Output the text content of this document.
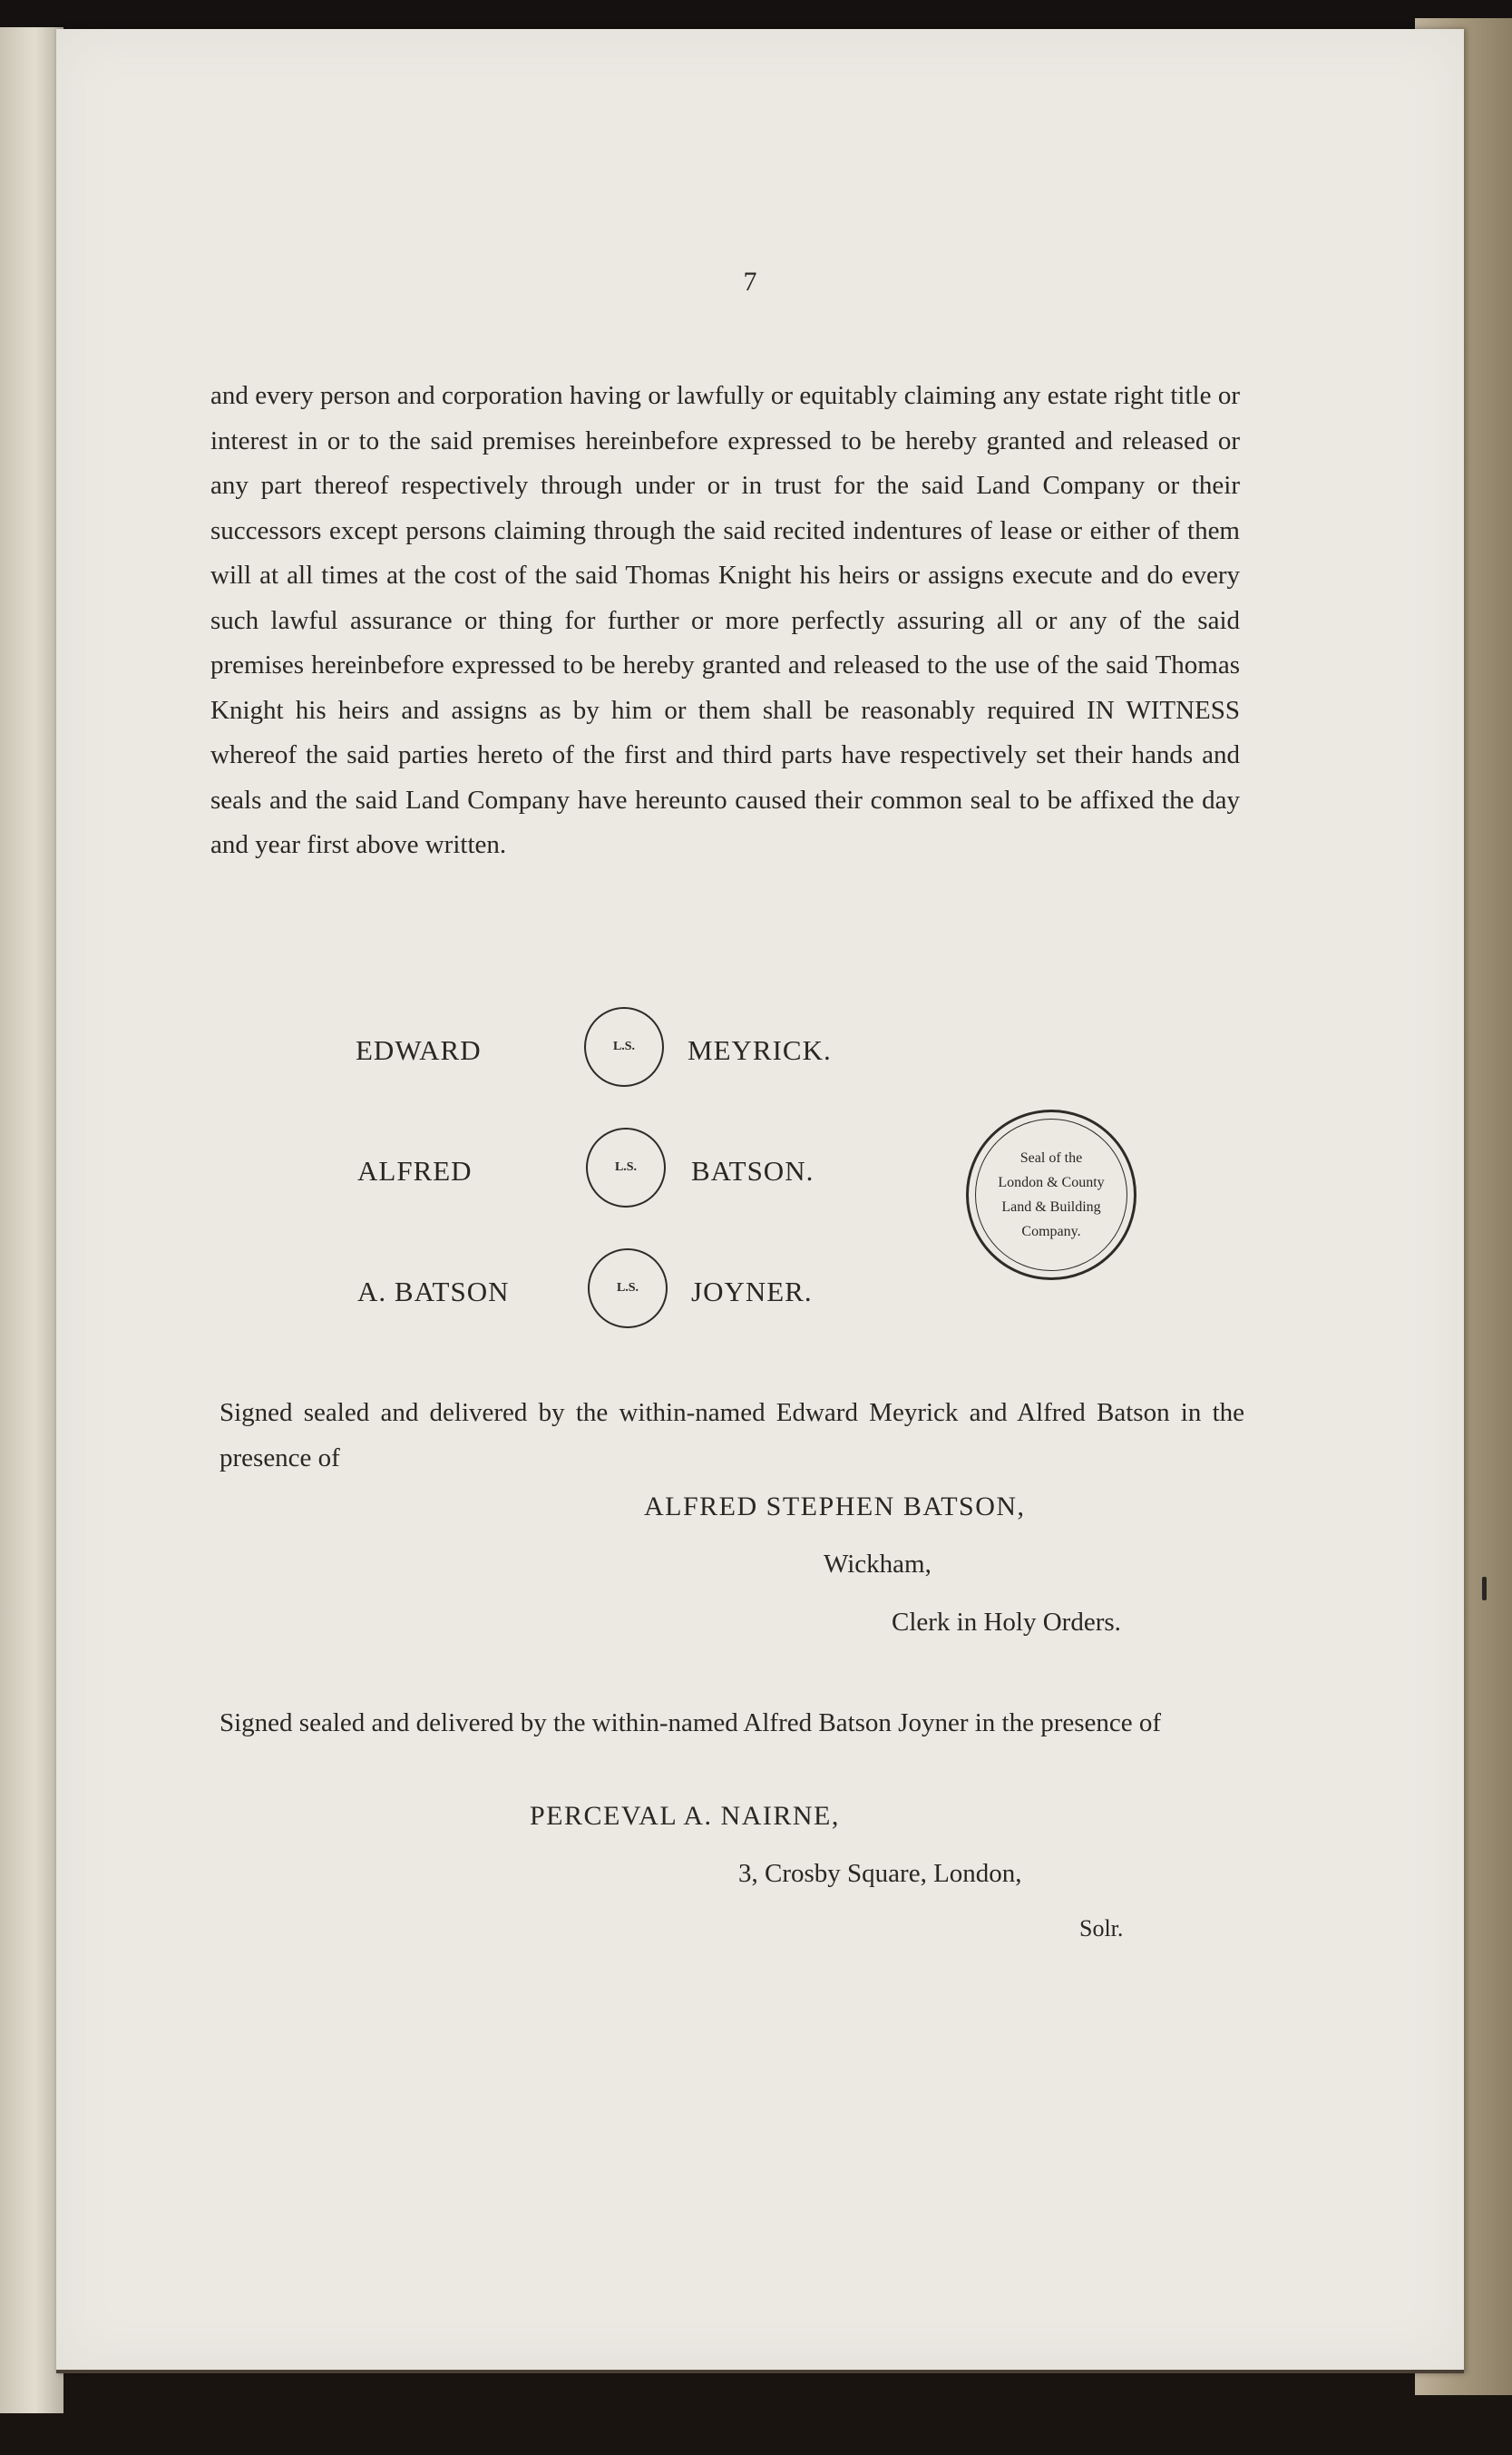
7

and every person and corporation having or lawfully or equitably claiming any estate right title or interest in or to the said premises hereinbefore expressed to be hereby granted and released or any part thereof respectively through under or in trust for the said Land Company or their successors except persons claiming through the said recited indentures of lease or either of them will at all times at the cost of the said Thomas Knight his heirs or assigns execute and do every such lawful assurance or thing for further or more perfectly assuring all or any of the said premises hereinbefore expressed to be hereby granted and released to the use of the said Thomas Knight his heirs and assigns as by him or them shall be reasonably required IN WITNESS whereof the said parties hereto of the first and third parts have respectively set their hands and seals and the said Land Company have hereunto caused their common seal to be affixed the day and year first above written.

EDWARD	L.S.	MEYRICK.
ALFRED	L.S.	BATSON.
A. BATSON	L.S.	JOYNER.
Seal of the
London & County
Land & Building
Company.
Signed sealed and delivered by the within-named Edward Meyrick and Alfred Batson in the presence of
ALFRED STEPHEN BATSON,
Wickham,
Clerk in Holy Orders.
Signed sealed and delivered by the within-named Alfred Batson Joyner in the presence of
PERCEVAL A. NAIRNE,
3, Crosby Square, London,
Solr.
